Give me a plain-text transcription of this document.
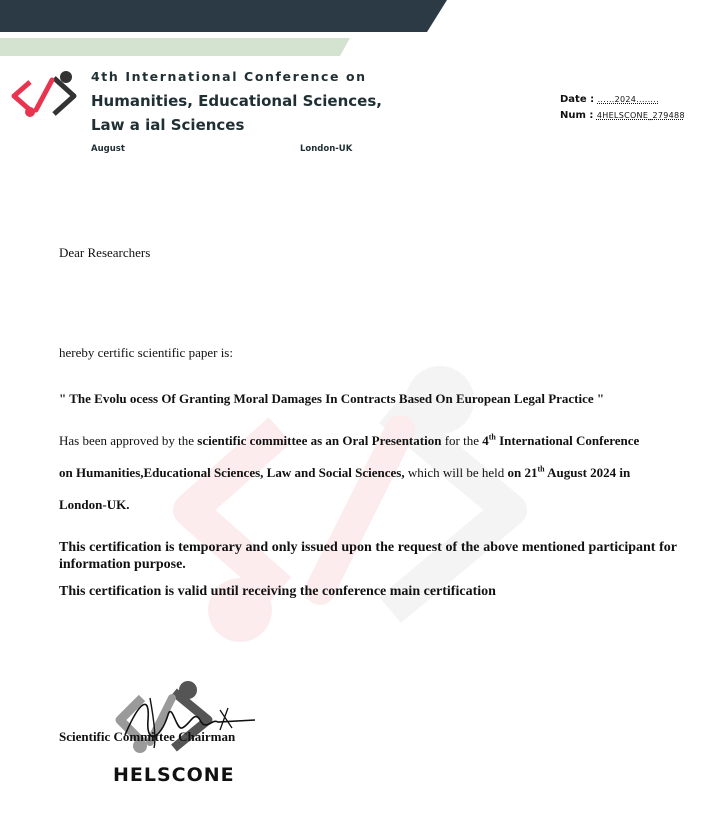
4th International Conference on
Humanities, Educational Sciences,
Law a ial Sciences
August	London-UK
Date : ......2024........
Num : 4HELSCONE_279488
Dear Researchers
hereby certific scientific paper is:
" The Evolu ocess Of Granting Moral Damages In Contracts Based On European Legal Practice "
Has been approved by the scientific committee as an Oral Presentation for the 4th International Conference
on Humanities,Educational Sciences, Law and Social Sciences, which will be held on 21th August 2024 in
London-UK.
This certification is temporary and only issued upon the request of the above mentioned participant for information purpose.
This certification is valid until receiving the conference main certification
Scientific Committee Chairman
HELSCONE
